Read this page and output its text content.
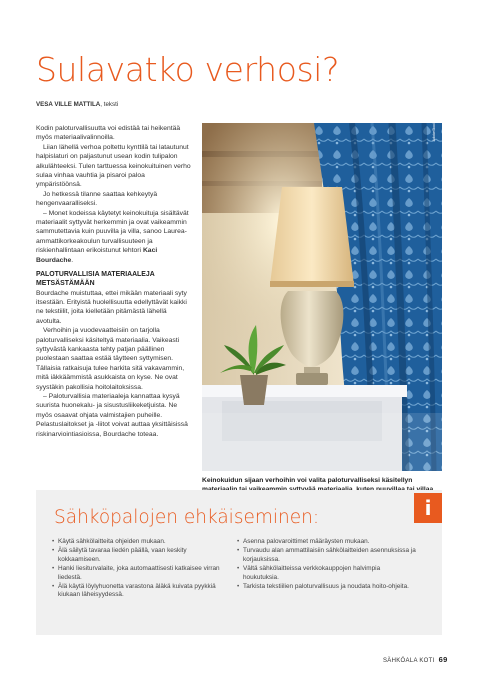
Sulavatko verhosi?
VESA VILLE MATTILA, teksti

Kodin paloturvallisuutta voi edistää tai heikentää myös materiaalivalinnoilla.

Liian lähellä verhoa poltettu kynttilä tai latautunut halpislaturi on paljastunut usean kodin tulipalon alkulähteeksi. Tulen tarttuessa keinokuituinen verho sulaa vinhaa vauhtia ja pisaroi paloa ympäristöönsä.

Jo hetkessä tilanne saattaa kehkeytyä hengenvaaralliseksi.

– Monet kodeissa käytetyt keinokuituja sisältävät materiaalit syttyvät herkemmin ja ovat vaikeammin sammutettavia kuin puuvilla ja villa, sanoo Laurea-ammattikorkeakoulun turvallisuuteen ja riskienhallintaan erikoistunut lehtori Kaci Bourdache.

PALOTURVALLISIA MATERIAALEJA METSÄSTÄMÄÄN

Bourdache muistuttaa, ettei mikään materiaali syty itsestään. Erityistä huolellisuutta edellyttävät kaikki ne tekstiilit, joita kielletään pitämästä lähellä avotulta.

Verhoihin ja vuodevaatteisiin on tarjolla paloturvalliseksi käsiteltyä materiaalia. Vaikeasti syttyvästä kankaasta tehty patjan päällinen puolestaan saattaa estää täytteen syttymisen. Tällaisia ratkaisuja tulee harkita sitä vakavammin, mitä iäkkäämmistä asukkaista on kyse. Ne ovat syystäkin pakollisia hoitolaitoksissa.

– Paloturvallisia materiaaleja kannattaa kysyä suurista huonekalu- ja sisustusliikeketjuista. Ne myös osaavat ohjata valmistajien puheille. Pelastuslaitokset ja -liitot voivat auttaa yksittäisissä riskinarviointiasioissa, Bourdache toteaa.

AdobeStock

Keinokuidun sijaan verhoihin voi valita paloturvalliseksi käsitellyn

i
Sähköpalojen ehkäiseminen:
• Käytä sähkölaitteita ohjeiden mukaan.
• Älä säilytä tavaraa liedén päällä, vaan keskity kokkaamiseen.
• Hanki liesiturvalaite, joka automaattisesti katkaisee virran liedestä.
• Älä käytä löylyhuonetta varastona äläkä kuivata pyykkiä kiukaan läheisyydessä.
• Asenna palovaroittimet määräysten mukaan.
• Turvaudu alan ammattilaisiin sähkölaitteiden asennuksissa ja korjauksissa.
• Vältä sähkölaitteissa verkkokauppojen halvimpia houkutuksia.
• Tarkista tekstiilien paloturvallisuus ja noudata hoito-ohjeita.
SÄHKÖALA KOTI 69
